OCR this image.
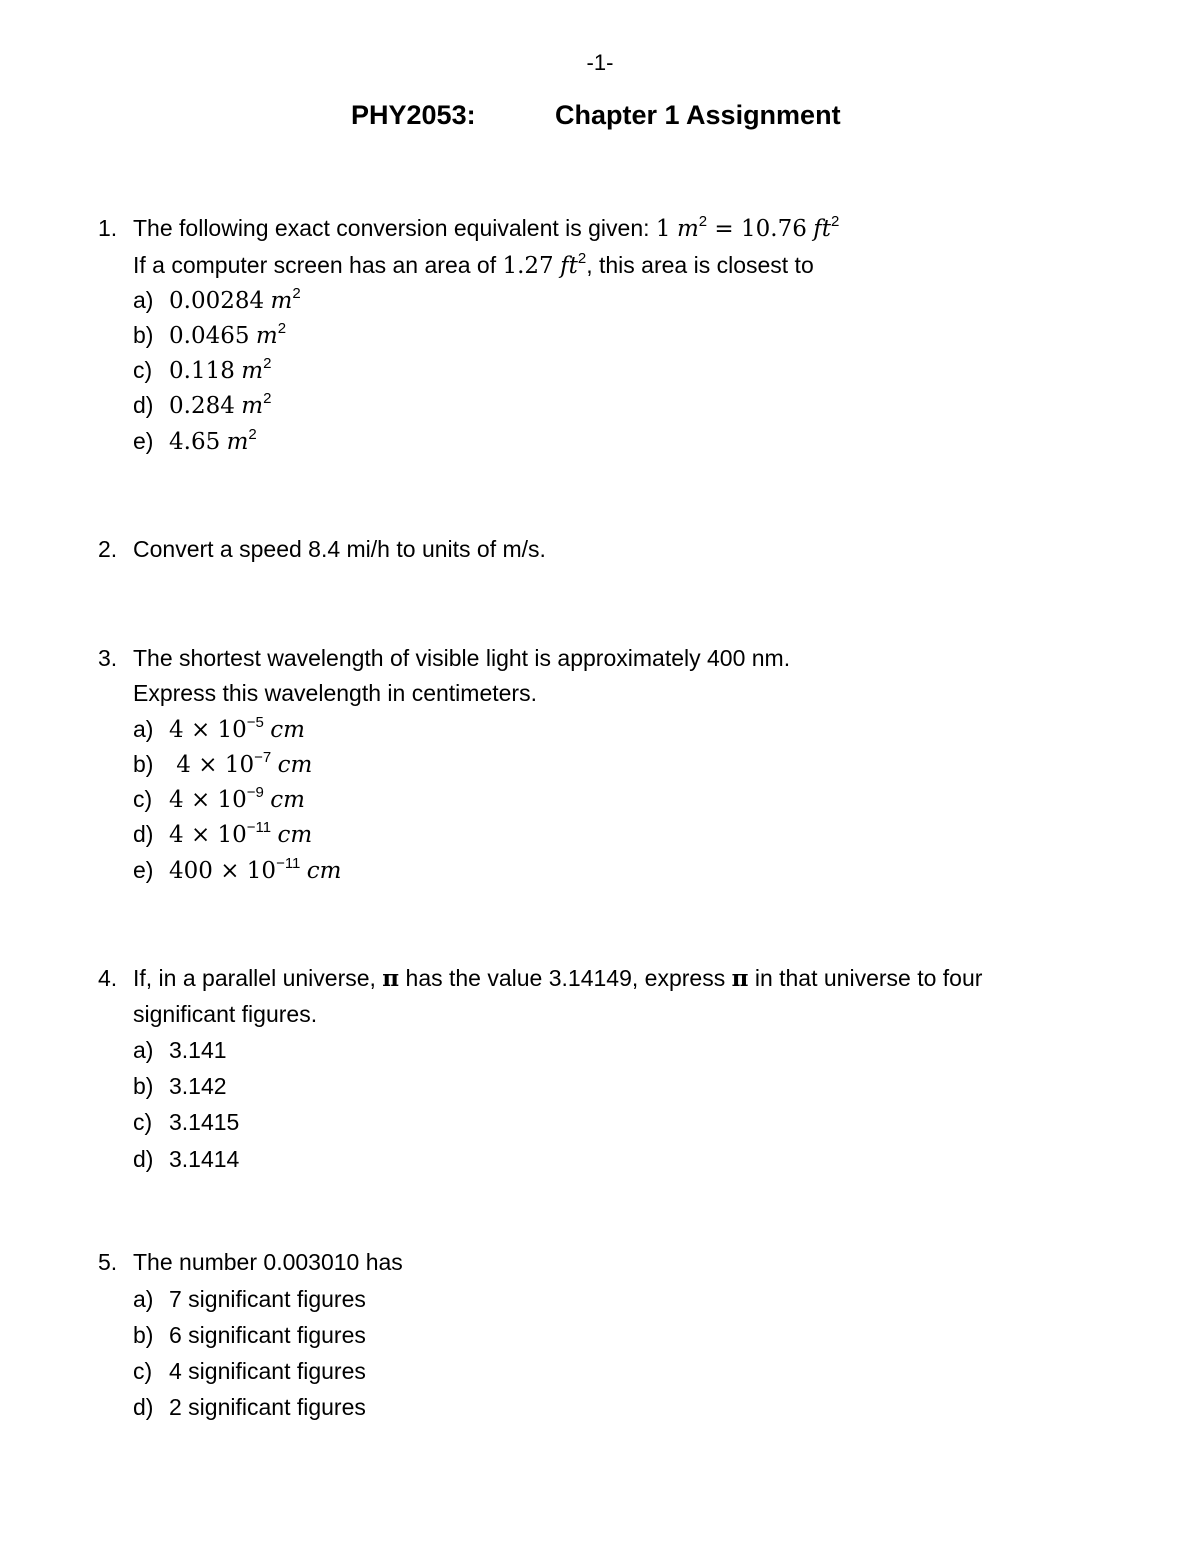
-1-
PHY2053:	Chapter 1 Assignment
1. The following exact conversion equivalent is given: 1 $m^2 = 10.76$ $ft^2$
If a computer screen has an area of 1.27 $ft^2$, this area is closest to
a) 0.00284 $m^2$
b) 0.0465 $m^2$
c) 0.118 $m^2$
d) 0.284 $m^2$
e) 4.65 $m^2$
2. Convert a speed 8.4 mi/h to units of m/s.
3. The shortest wavelength of visible light is approximately 400 nm.
Express this wavelength in centimeters.
a) $4 \times 10^{-5}$ cm
b) $4 \times 10^{-7}$ cm
c) $4 \times 10^{-9}$ cm
d) $4 \times 10^{-11}$ cm
e) $400 \times 10^{-11}$ cm
4. If, in a parallel universe, π has the value 3.14149, express π in that universe to four
significant figures.
a) 3.141
b) 3.142
c) 3.1415
d) 3.1414
5. The number 0.003010 has
a) 7 significant figures
b) 6 significant figures
c) 4 significant figures
d) 2 significant figures
